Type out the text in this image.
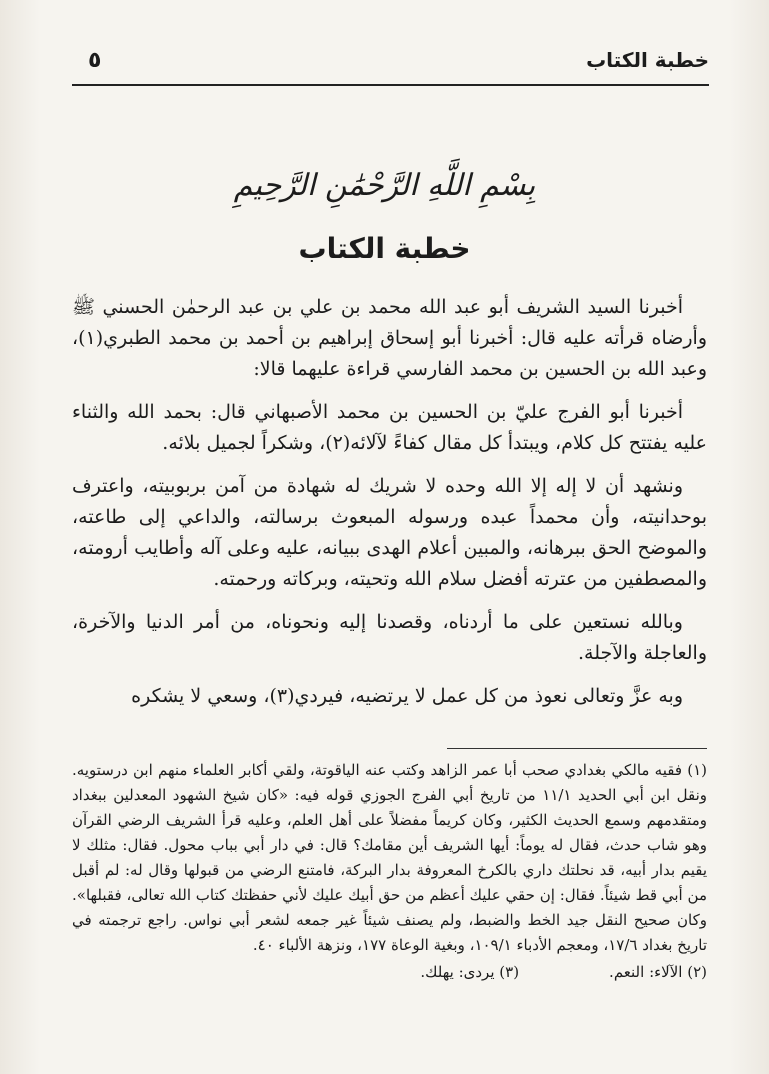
٥	خطبة الكتاب
بِسْمِ اللَّهِ الرَّحْمَٰنِ الرَّحِيمِ
خطبة الكتاب

أخبرنا السيد الشريف أبو عبد الله محمد بن علي بن عبد الرحمٰن الحسني ﷺ وأرضاه قرأته عليه قال: أخبرنا أبو إسحاق إبراهيم بن أحمد بن محمد الطبري(١)، وعبد الله بن الحسين بن محمد الفارسي قراءة عليهما قالا:

أخبرنا أبو الفرج عليّ بن الحسين بن محمد الأصبهاني قال: بحمد الله والثناء عليه يفتتح كل كلام، ويبتدأ كل مقال كفاءً لآلائه(٢)، وشكراً لجميل بلائه.

ونشهد أن لا إله إلا الله وحده لا شريك له شهادة من آمن بربوبيته، واعترف بوحدانيته، وأن محمداً عبده ورسوله المبعوث برسالته، والداعي إلى طاعته، والموضح الحق ببرهانه، والمبين أعلام الهدى ببيانه، عليه وعلى آله وأطايب أرومته، والمصطفين من عترته أفضل سلام الله وتحيته، وبركاته ورحمته.

وبالله نستعين على ما أردناه، وقصدنا إليه ونحوناه، من أمر الدنيا والآخرة، والعاجلة والآجلة.

وبه عزَّ وتعالى نعوذ من كل عمل لا يرتضيه، فيردي(٣)، وسعي لا يشكره

(١) فقيه مالكي بغدادي صحب أبا عمر الزاهد وكتب عنه الياقوتة، ولقي أكابر العلماء منهم ابن درستويه. ونقل ابن أبي الحديد ١١/١ من تاريخ أبي الفرج الجوزي قوله فيه: «كان شيخ الشهود المعدلين ببغداد ومتقدمهم وسمع الحديث الكثير، وكان كريماً مفضلاً على أهل العلم، وعليه قرأ الشريف الرضي القرآن وهو شاب حدث، فقال له يوماً: أيها الشريف أين مقامك؟ قال: في دار أبي بباب محول. فقال: مثلك لا يقيم بدار أبيه، قد نحلتك داري بالكرخ المعروفة بدار البركة، فامتنع الرضي من قبولها وقال له: لم أقبل من أبي قط شيئاً. فقال: إن حقي عليك أعظم من حق أبيك عليك لأني حفظتك كتاب الله تعالى، فقبلها». وكان صحيح النقل جيد الخط والضبط، ولم يصنف شيئاً غير جمعه لشعر أبي نواس. راجع ترجمته في تاريخ بغداد ١٧/٦، ومعجم الأدباء ١٠٩/١، وبغية الوعاة ١٧٧، ونزهة الألباء ٤٠.

(٢) الآلاء: النعم.

(٣) يردى: يهلك.
